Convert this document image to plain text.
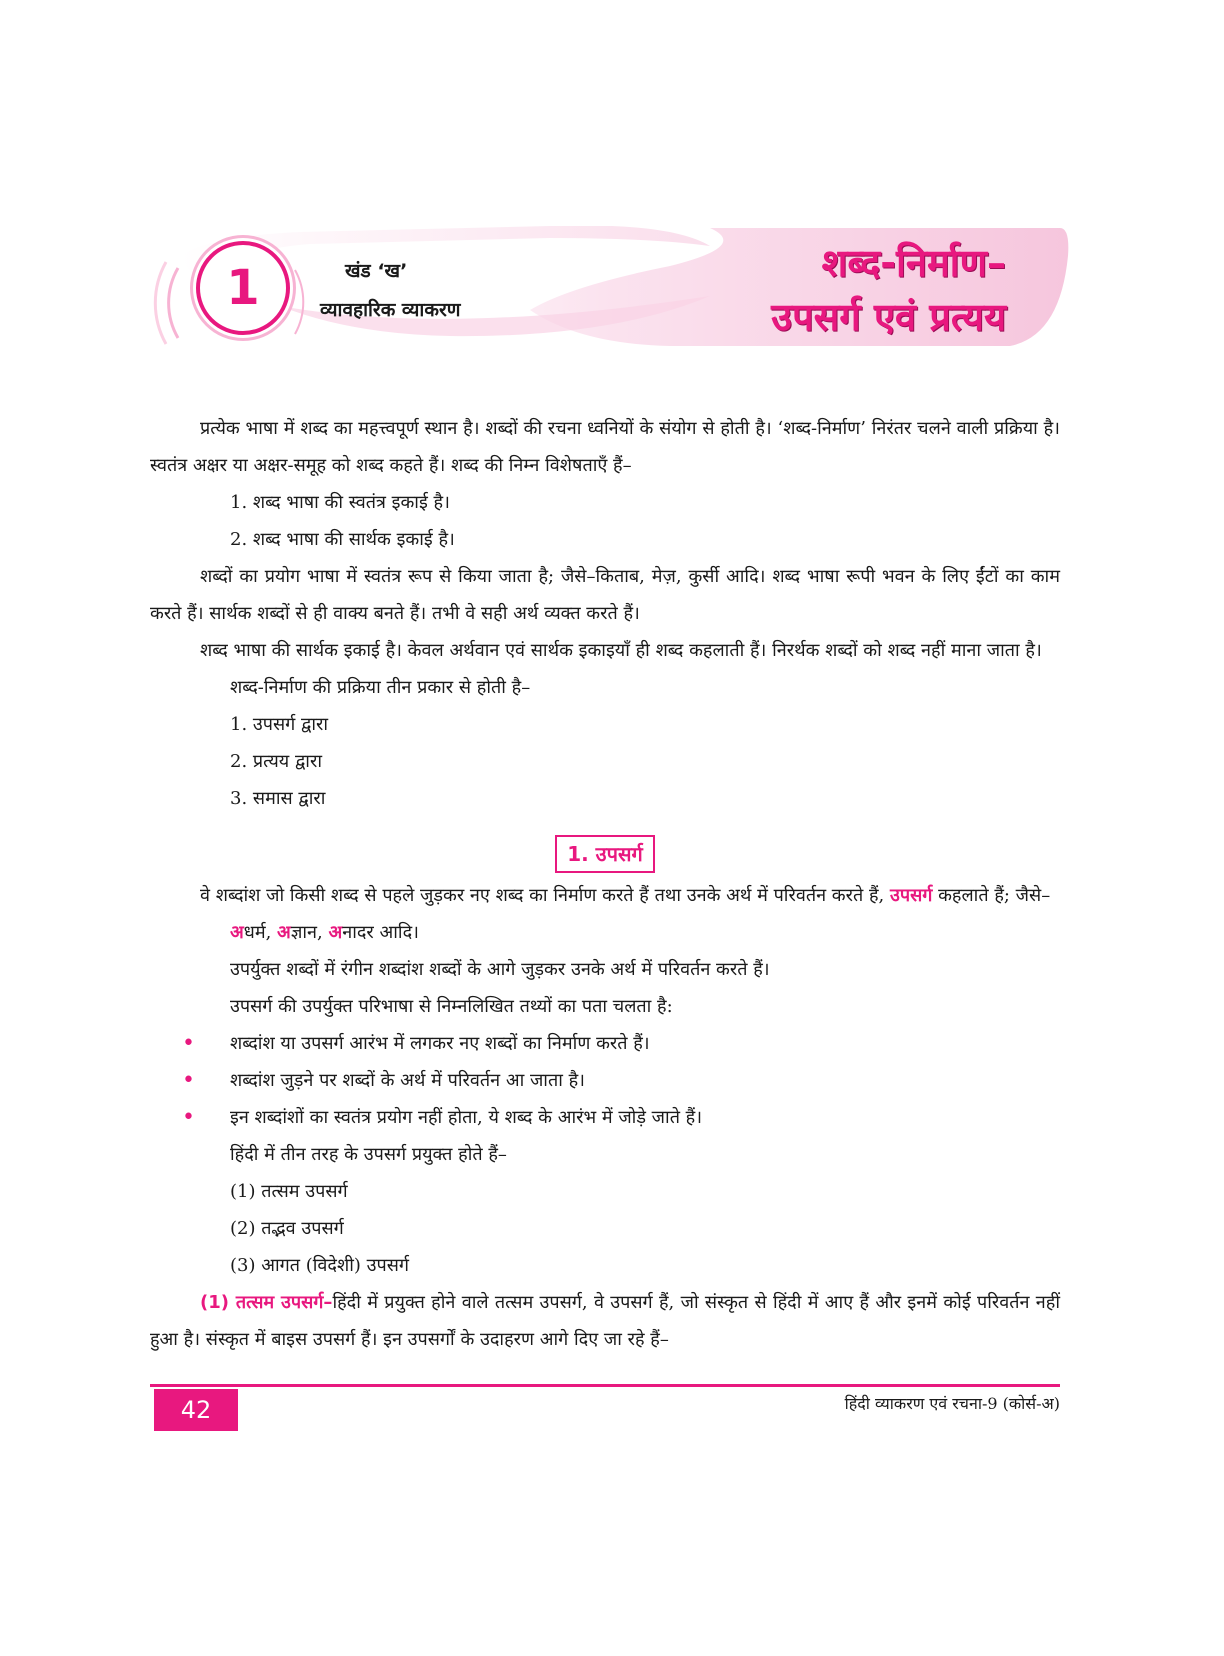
1	खंड ‘ख’
व्यावहारिक व्याकरण
शब्द-निर्माण–
उपसर्ग एवं प्रत्यय

प्रत्येक भाषा में शब्द का महत्त्वपूर्ण स्थान है। शब्दों की रचना ध्वनियों के संयोग से होती है। ‘शब्द-निर्माण’ निरंतर चलने वाली प्रक्रिया है। स्वतंत्र अक्षर या अक्षर-समूह को शब्द कहते हैं। शब्द की निम्न विशेषताएँ हैं–

1. शब्द भाषा की स्वतंत्र इकाई है।

2. शब्द भाषा की सार्थक इकाई है।

शब्दों का प्रयोग भाषा में स्वतंत्र रूप से किया जाता है; जैसे–किताब, मेज़, कुर्सी आदि। शब्द भाषा रूपी भवन के लिए ईंटों का काम करते हैं। सार्थक शब्दों से ही वाक्य बनते हैं। तभी वे सही अर्थ व्यक्त करते हैं।

शब्द भाषा की सार्थक इकाई है। केवल अर्थवान एवं सार्थक इकाइयाँ ही शब्द कहलाती हैं। निरर्थक शब्दों को शब्द नहीं माना जाता है।

शब्द-निर्माण की प्रक्रिया तीन प्रकार से होती है–

1. उपसर्ग द्वारा

2. प्रत्यय द्वारा

3. समास द्वारा

1. उपसर्ग

वे शब्दांश जो किसी शब्द से पहले जुड़कर नए शब्द का निर्माण करते हैं तथा उनके अर्थ में परिवर्तन करते हैं, उपसर्ग कहलाते हैं; जैसे–

अधर्म, अज्ञान, अनादर आदि।

उपर्युक्त शब्दों में रंगीन शब्दांश शब्दों के आगे जुड़कर उनके अर्थ में परिवर्तन करते हैं।

उपसर्ग की उपर्युक्त परिभाषा से निम्नलिखित तथ्यों का पता चलता है:

• शब्दांश या उपसर्ग आरंभ में लगकर नए शब्दों का निर्माण करते हैं।

• शब्दांश जुड़ने पर शब्दों के अर्थ में परिवर्तन आ जाता है।

• इन शब्दांशों का स्वतंत्र प्रयोग नहीं होता, ये शब्द के आरंभ में जोड़े जाते हैं।

हिंदी में तीन तरह के उपसर्ग प्रयुक्त होते हैं–

(1) तत्सम उपसर्ग

(2) तद्भव उपसर्ग

(3) आगत (विदेशी) उपसर्ग

(1) तत्सम उपसर्ग–हिंदी में प्रयुक्त होने वाले तत्सम उपसर्ग, वे उपसर्ग हैं, जो संस्कृत से हिंदी में आए हैं और इनमें कोई परिवर्तन नहीं हुआ है। संस्कृत में बाइस उपसर्ग हैं। इन उपसर्गों के उदाहरण आगे दिए जा रहे हैं–

42	हिंदी व्याकरण एवं रचना-9 (कोर्स-अ)
